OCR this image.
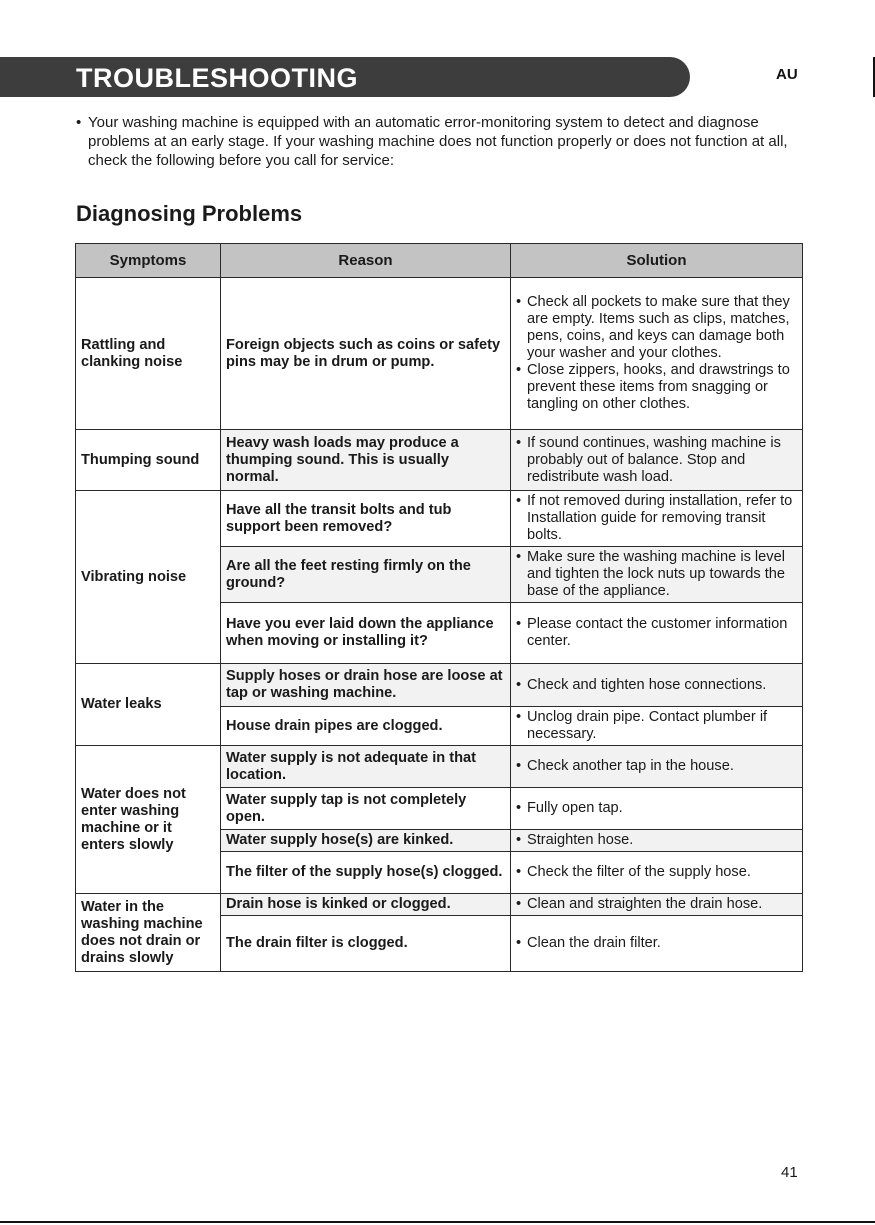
TROUBLESHOOTING	AU
• Your washing machine is equipped with an automatic error-monitoring system to detect and diagnose problems at an early stage. If your washing machine does not function properly or does not function at all, check the following before you call for service:
Diagnosing Problems
Symptoms	Reason	Solution
Rattling and clanking noise	Foreign objects such as coins or safety pins may be in drum or pump.	• Check all pockets to make sure that they are empty. Items such as clips, matches, pens, coins, and keys can damage both your washer and your clothes.
• Close zippers, hooks, and drawstrings to prevent these items from snagging or tangling on other clothes.

Thumping sound	Heavy wash loads may produce a thumping sound. This is usually normal.	• If sound continues, washing machine is probably out of balance. Stop and redistribute wash load.

Vibrating noise	Have all the transit bolts and tub support been removed?	• If not removed during installation, refer to Installation guide for removing transit bolts.

	Are all the feet resting firmly on the ground?	• Make sure the washing machine is level and tighten the lock nuts up towards the base of the appliance.

	Have you ever laid down the appliance when moving or installing it?	• Please contact the customer information center.

Water leaks	Supply hoses or drain hose are loose at tap or washing machine.	• Check and tighten hose connections.

	House drain pipes are clogged.	• Unclog drain pipe. Contact plumber if necessary.

Water does not enter washing machine or it enters slowly	Water supply is not adequate in that location.	• Check another tap in the house.

	Water supply tap is not completely open.	• Fully open tap.

	Water supply hose(s) are kinked.	• Straighten hose.

	The filter of the supply hose(s) clogged.	• Check the filter of the supply hose.

Water in the washing machine does not drain or drains slowly	Drain hose is kinked or clogged.	• Clean and straighten the drain hose.

	The drain filter is clogged.	• Clean the drain filter.
41
